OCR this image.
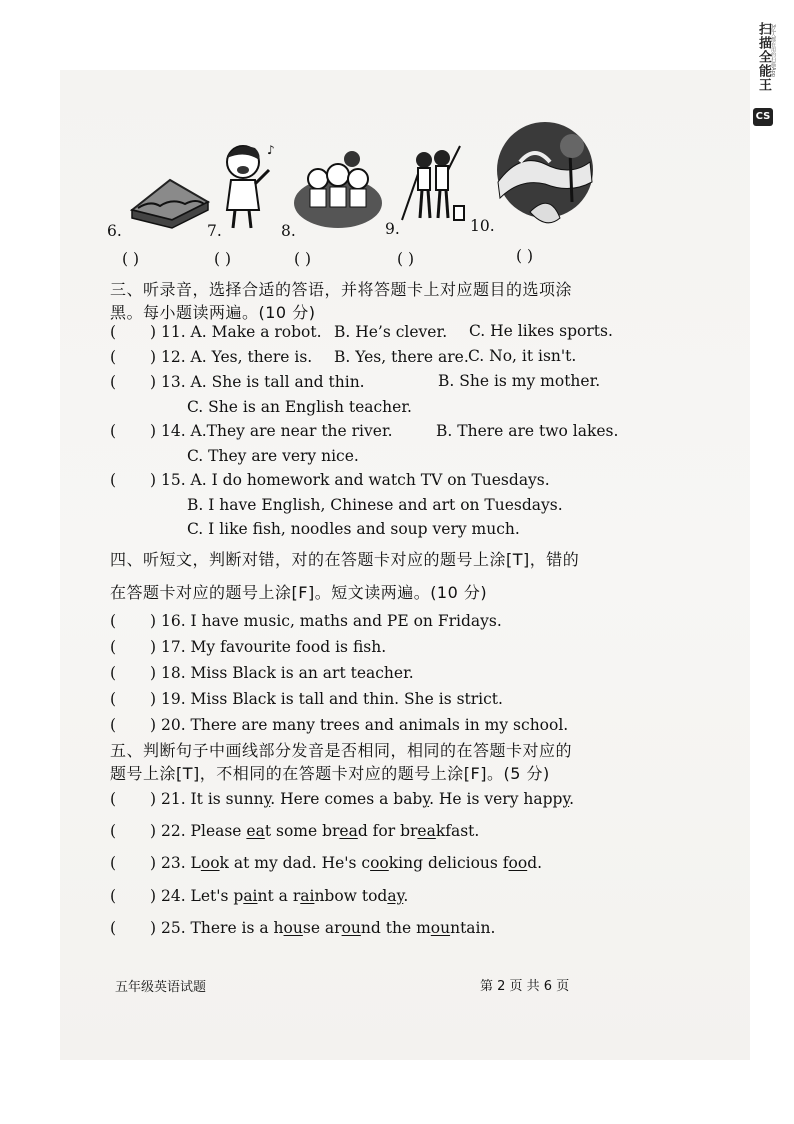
扫描全能王 3亿人都在用的扫描App
CS
♪
6.	7.	8.	9.	10.
( )	( )	( )	( )	( )
三、听录音，选择合适的答语，并将答题卡上对应题目的选项涂
黑。每小题读两遍。(10 分)
( ) 11. A. Make a robot. B. He’s clever. C. He likes sports.
( ) 12. A. Yes, there is. B. Yes, there are. C. No, it isn't.
( ) 13. A. She is tall and thin.	B. She is my mother.
C. She is an English teacher.
( ) 14. A.They are near the river.	B. There are two lakes.
C. They are very nice.
( ) 15. A. I do homework and watch TV on Tuesdays.
B. I have English, Chinese and art on Tuesdays.
C. I like fish, noodles and soup very much.
四、听短文，判断对错，对的在答题卡对应的题号上涂[T]，错的
在答题卡对应的题号上涂[F]。短文读两遍。(10 分)
( ) 16. I have music, maths and PE on Fridays.
( ) 17. My favourite food is fish.
( ) 18. Miss Black is an art teacher.
( ) 19. Miss Black is tall and thin. She is strict.
( ) 20. There are many trees and animals in my school.
五、判断句子中画线部分发音是否相同，相同的在答题卡对应的
题号上涂[T]，不相同的在答题卡对应的题号上涂[F]。(5 分)
( ) 21. It is sunny. Here comes a baby. He is very happy.
( ) 22. Please eat some bread for breakfast.
( ) 23. Look at my dad. He's cooking delicious food.
( ) 24. Let's paint a rainbow today.
( ) 25. There is a house around the mountain.
五年级英语试题	第 2 页 共 6 页
